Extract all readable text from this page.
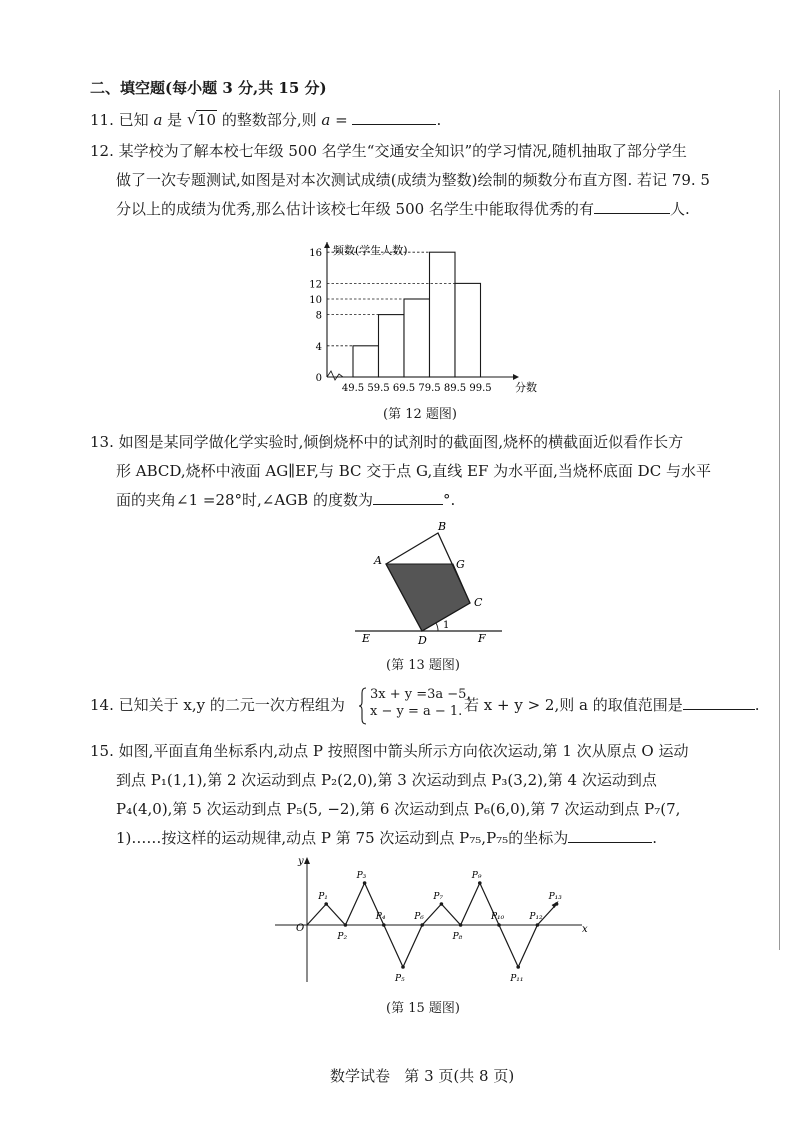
二、填空题(每小题 3 分,共 15 分)
11. 已知 a 是 √ 10 的整数部分,则 a =	.
12. 某学校为了解本校七年级 500 名学生“交通安全知识”的学习情况,随机抽取了部分学生
做了一次专题测试,如图是对本次测试成绩(成绩为整数)绘制的频数分布直方图. 若记 79. 5
分以上的成绩为优秀,那么估计该校七年级 500 名学生中能取得优秀的有	人.
0
4
8
10
12
16
49.5 59.5 69.5 79.5 89.5 99.5
频数(学生人数)
分数
(第 12 题图)
13. 如图是某同学做化学实验时,倾倒烧杯中的试剂时的截面图,烧杯的横截面近似看作长方
形 ABCD,烧杯中液面 AG∥EF,与 BC 交于点 G,直线 EF 为水平面,当烧杯底面 DC 与水平
面的夹角∠1 =28°时,∠AGB 的度数为	°.
A
B
G
C
D
E	F
1
(第 13 题图)
14. 已知关于 x,y 的二元一次方程组为
3x + y =3a −5,
x − y = a − 1. 若 x + y > 2,则 a 的取值范围是	.
15. 如图,平面直角坐标系内,动点 P 按照图中箭头所示方向依次运动,第 1 次从原点 O 运动
到点 P₁(1,1),第 2 次运动到点 P₂(2,0),第 3 次运动到点 P₃(3,2),第 4 次运动到点
P₄(4,0),第 5 次运动到点 P₅(5, −2),第 6 次运动到点 P₆(6,0),第 7 次运动到点 P₇(7,
1)……按这样的运动规律,动点 P 第 75 次运动到点 P₇₅,P₇₅的坐标为	.
x
y
O
P₁
P₂
P₃
P₄
P₅
P₆
P₇
P₈
P₉
P₁₀
P₁₁
P₁₂
P₁₃
(第 15 题图)
数学试卷   第 3 页(共 8 页)
